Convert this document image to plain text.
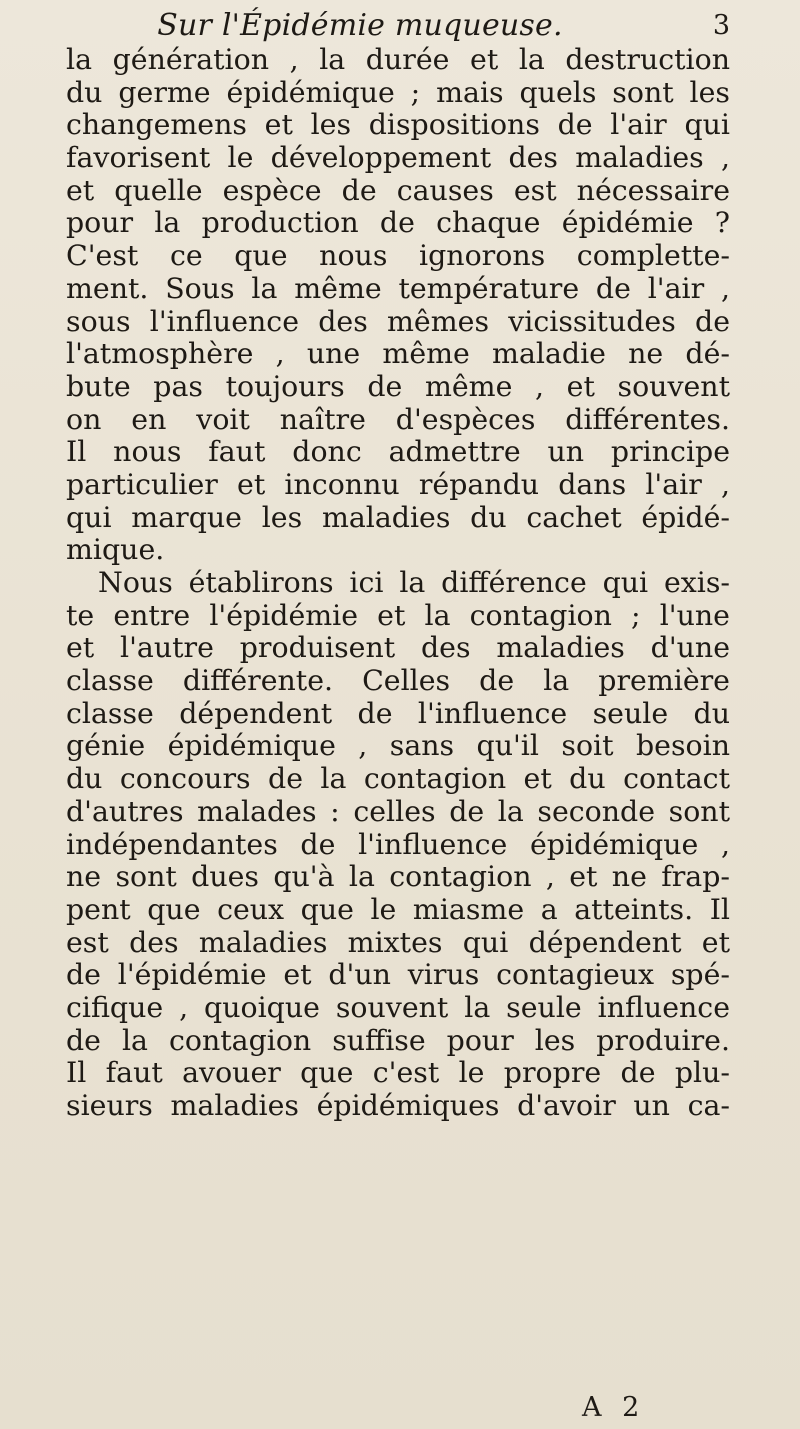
Sur l'Épidémie muqueuse.	3
la génération , la durée et la destruction
du germe épidémique ; mais quels sont les
changemens et les dispositions de l'air qui
favorisent le développement des maladies ,
et quelle espèce de causes est nécessaire
pour la production de chaque épidémie ?
C'est ce que nous ignorons complette-
ment. Sous la même température de l'air ,
sous l'influence des mêmes vicissitudes de
l'atmosphère , une même maladie ne dé-
bute pas toujours de même , et souvent
on en voit naître d'espèces différentes.
Il nous faut donc admettre un principe
particulier et inconnu répandu dans l'air ,
qui marque les maladies du cachet épidé-
mique.
Nous établirons ici la différence qui exis-
te entre l'épidémie et la contagion ; l'une
et l'autre produisent des maladies d'une
classe différente. Celles de la première
classe dépendent de l'influence seule du
génie épidémique , sans qu'il soit besoin
du concours de la contagion et du contact
d'autres malades : celles de la seconde sont
indépendantes de l'influence épidémique ,
ne sont dues qu'à la contagion , et ne frap-
pent que ceux que le miasme a atteints. Il
est des maladies mixtes qui dépendent et
de l'épidémie et d'un virus contagieux spé-
cifique , quoique souvent la seule influence
de la contagion suffise pour les produire.
Il faut avouer que c'est le propre de plu-
sieurs maladies épidémiques d'avoir un ca-
A 2
